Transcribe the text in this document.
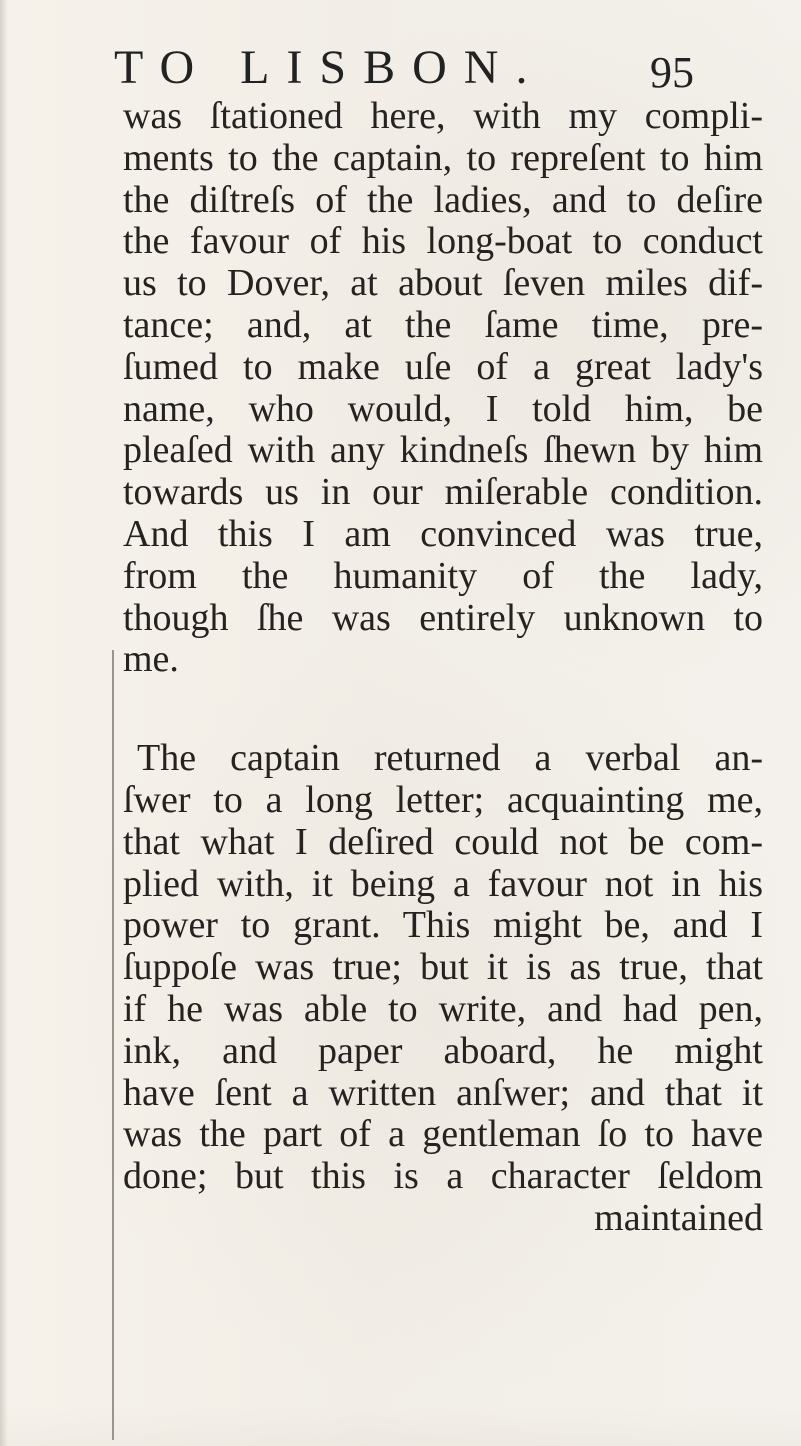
TO LISBON. 95
was ſtationed here, with my compli-
ments to the captain, to repreſent to him
the diſtreſs of the ladies, and to deſire
the favour of his long-boat to conduct
us to Dover, at about ſeven miles dif-
tance; and, at the ſame time, pre-
ſumed to make uſe of a great lady's
name, who would, I told him, be
pleaſed with any kindneſs ſhewn by him
towards us in our miſerable condition.
And this I am convinced was true,
from the humanity of the lady,
though ſhe was entirely unknown to
me.
The captain returned a verbal an-
ſwer to a long letter; acquainting me,
that what I deſired could not be com-
plied with, it being a favour not in his
power to grant. This might be, and I
ſuppoſe was true; but it is as true, that
if he was able to write, and had pen,
ink, and paper aboard, he might
have ſent a written anſwer; and that it
was the part of a gentleman ſo to have
done; but this is a character ſeldom
maintained
